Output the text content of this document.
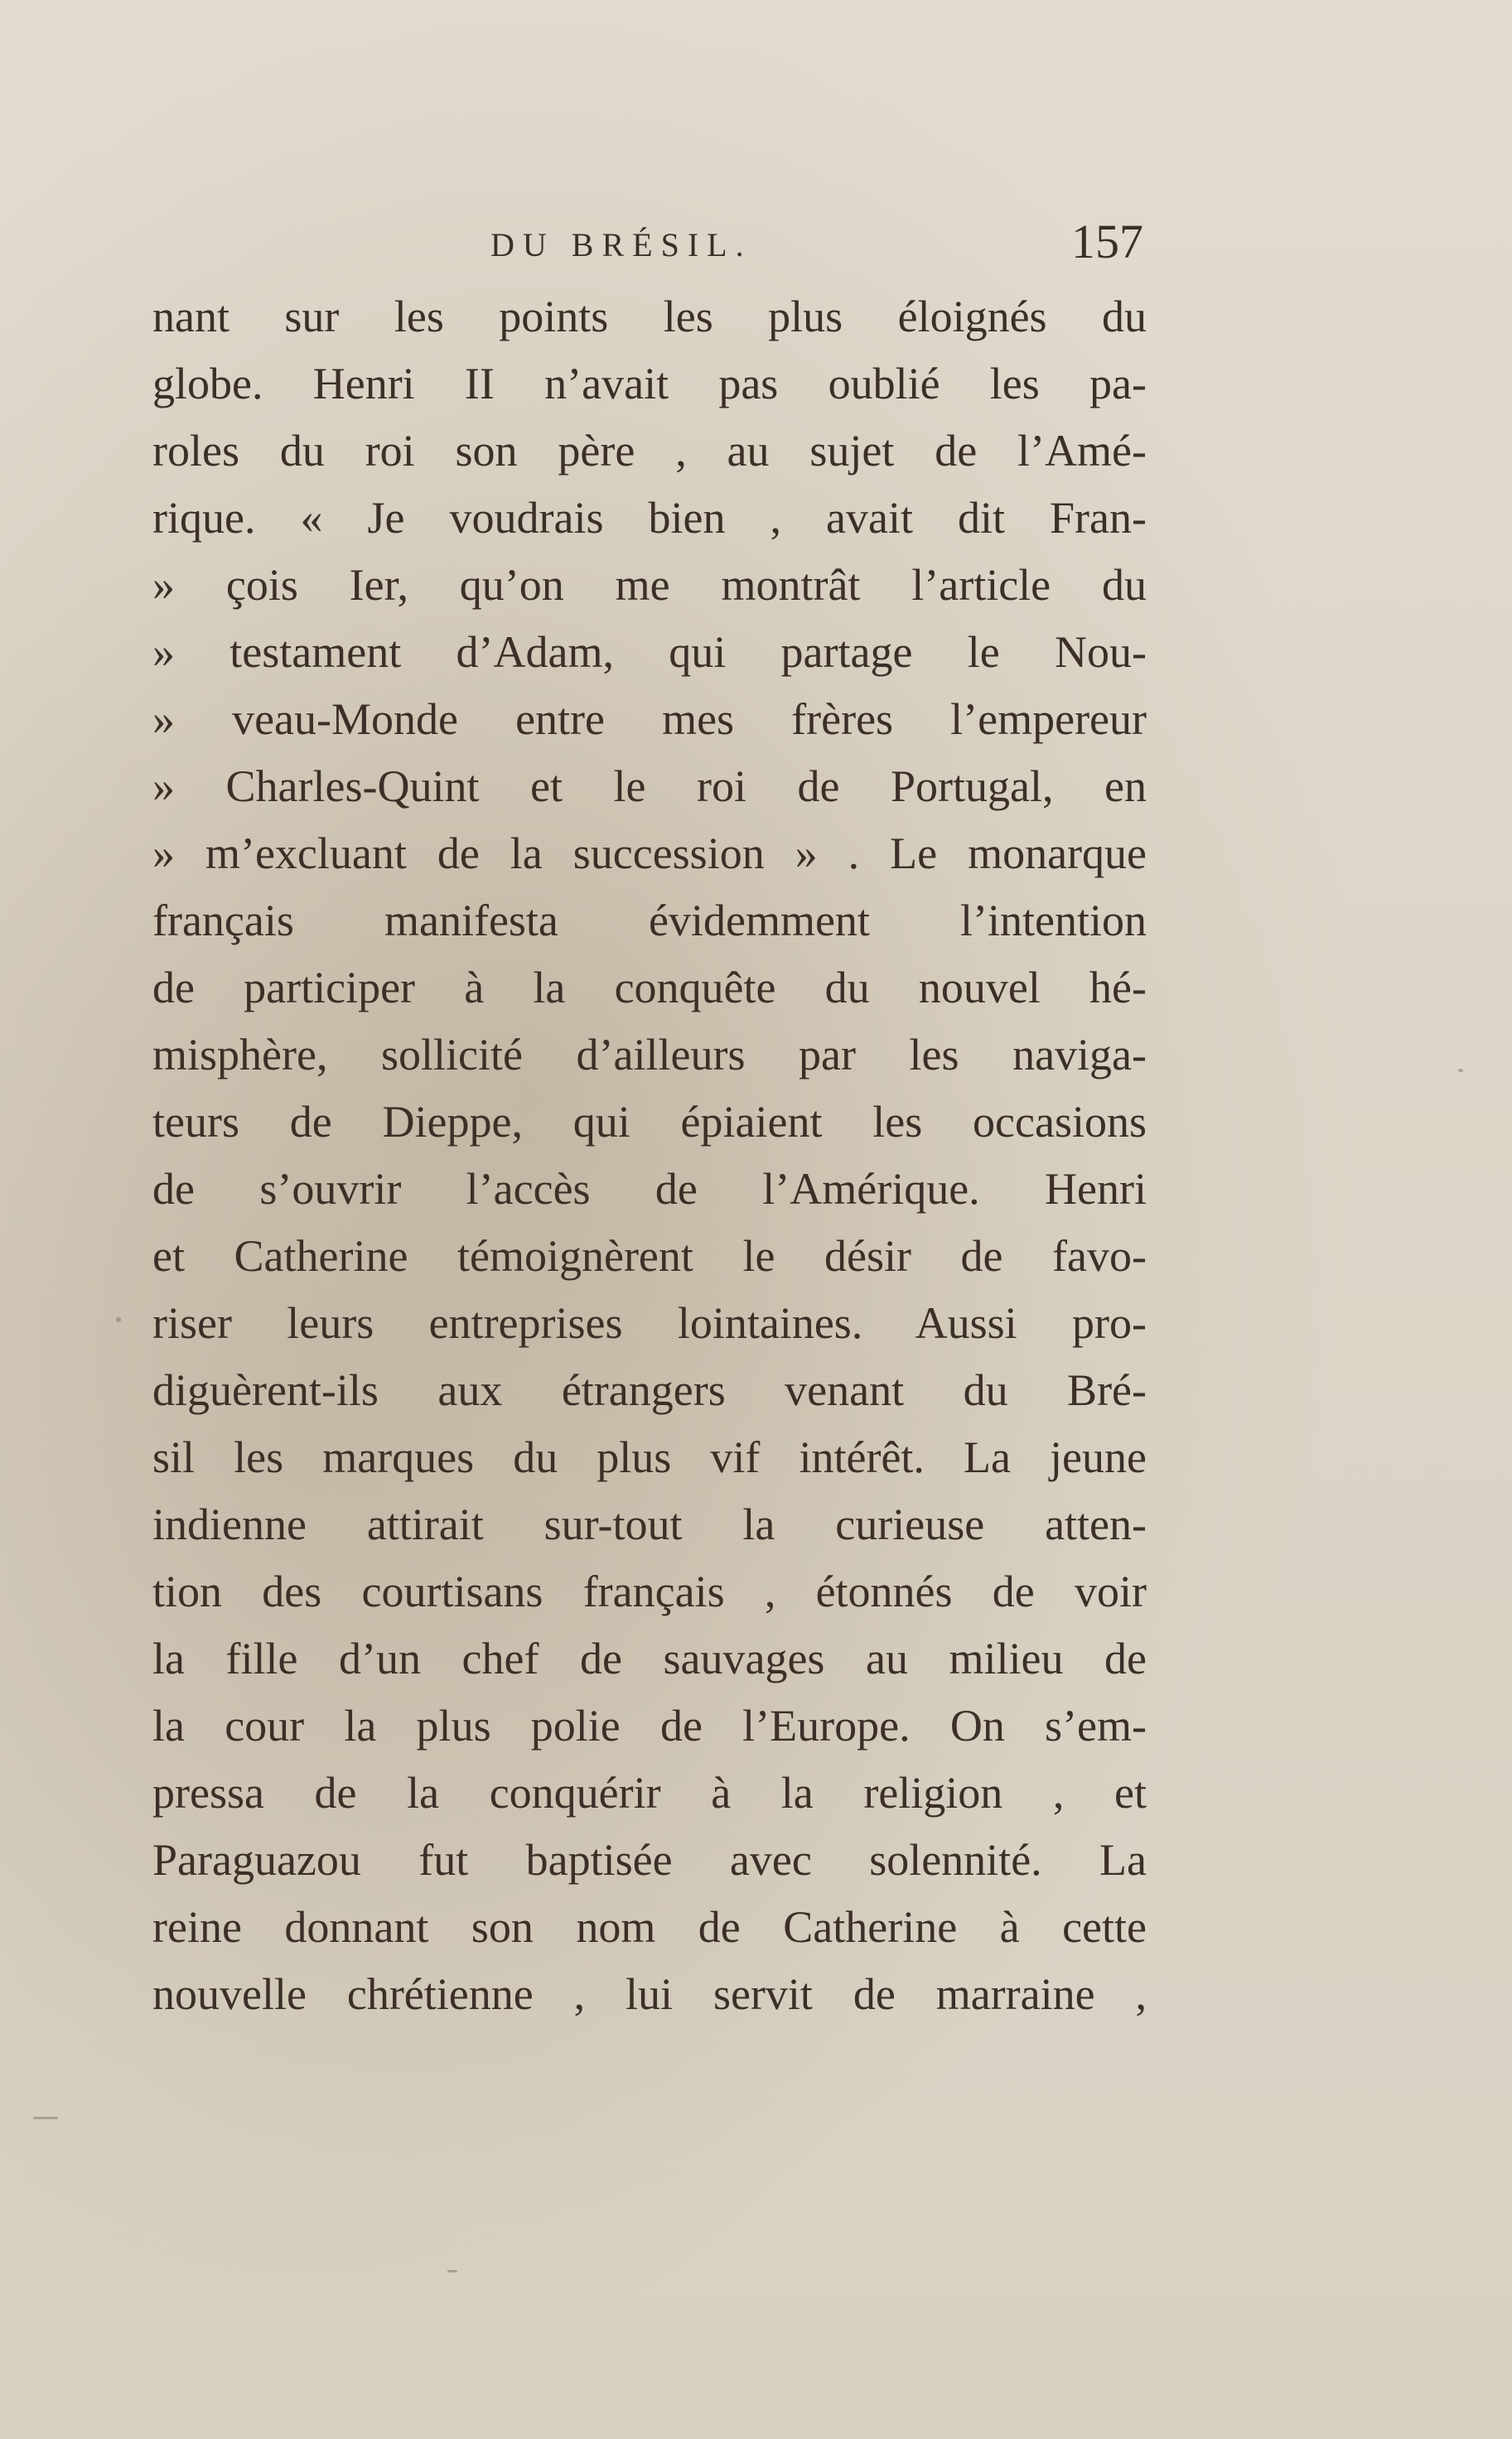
DU BRÉSIL.	157
nant sur les points les plus éloignés du
globe. Henri II n’avait pas oublié les pa-
roles du roi son père , au sujet de l’Amé-
rique. « Je voudrais bien , avait dit Fran-
» çois Ier, qu’on me montrât l’article du
» testament d’Adam, qui partage le Nou-
» veau-Monde entre mes frères l’empereur
» Charles-Quint et le roi de Portugal, en
» m’excluant de la succession » . Le monarque
français manifesta évidemment l’intention
de participer à la conquête du nouvel hé-
misphère, sollicité d’ailleurs par les naviga-
teurs de Dieppe, qui épiaient les occasions
de s’ouvrir l’accès de l’Amérique. Henri
et Catherine témoignèrent le désir de favo-
riser leurs entreprises lointaines. Aussi pro-
diguèrent-ils aux étrangers venant du Bré-
sil les marques du plus vif intérêt. La jeune
indienne attirait sur-tout la curieuse atten-
tion des courtisans français , étonnés de voir
la fille d’un chef de sauvages au milieu de
la cour la plus polie de l’Europe. On s’em-
pressa de la conquérir à la religion , et
Paraguazou fut baptisée avec solennité. La
reine donnant son nom de Catherine à cette
nouvelle chrétienne , lui servit de marraine ,
